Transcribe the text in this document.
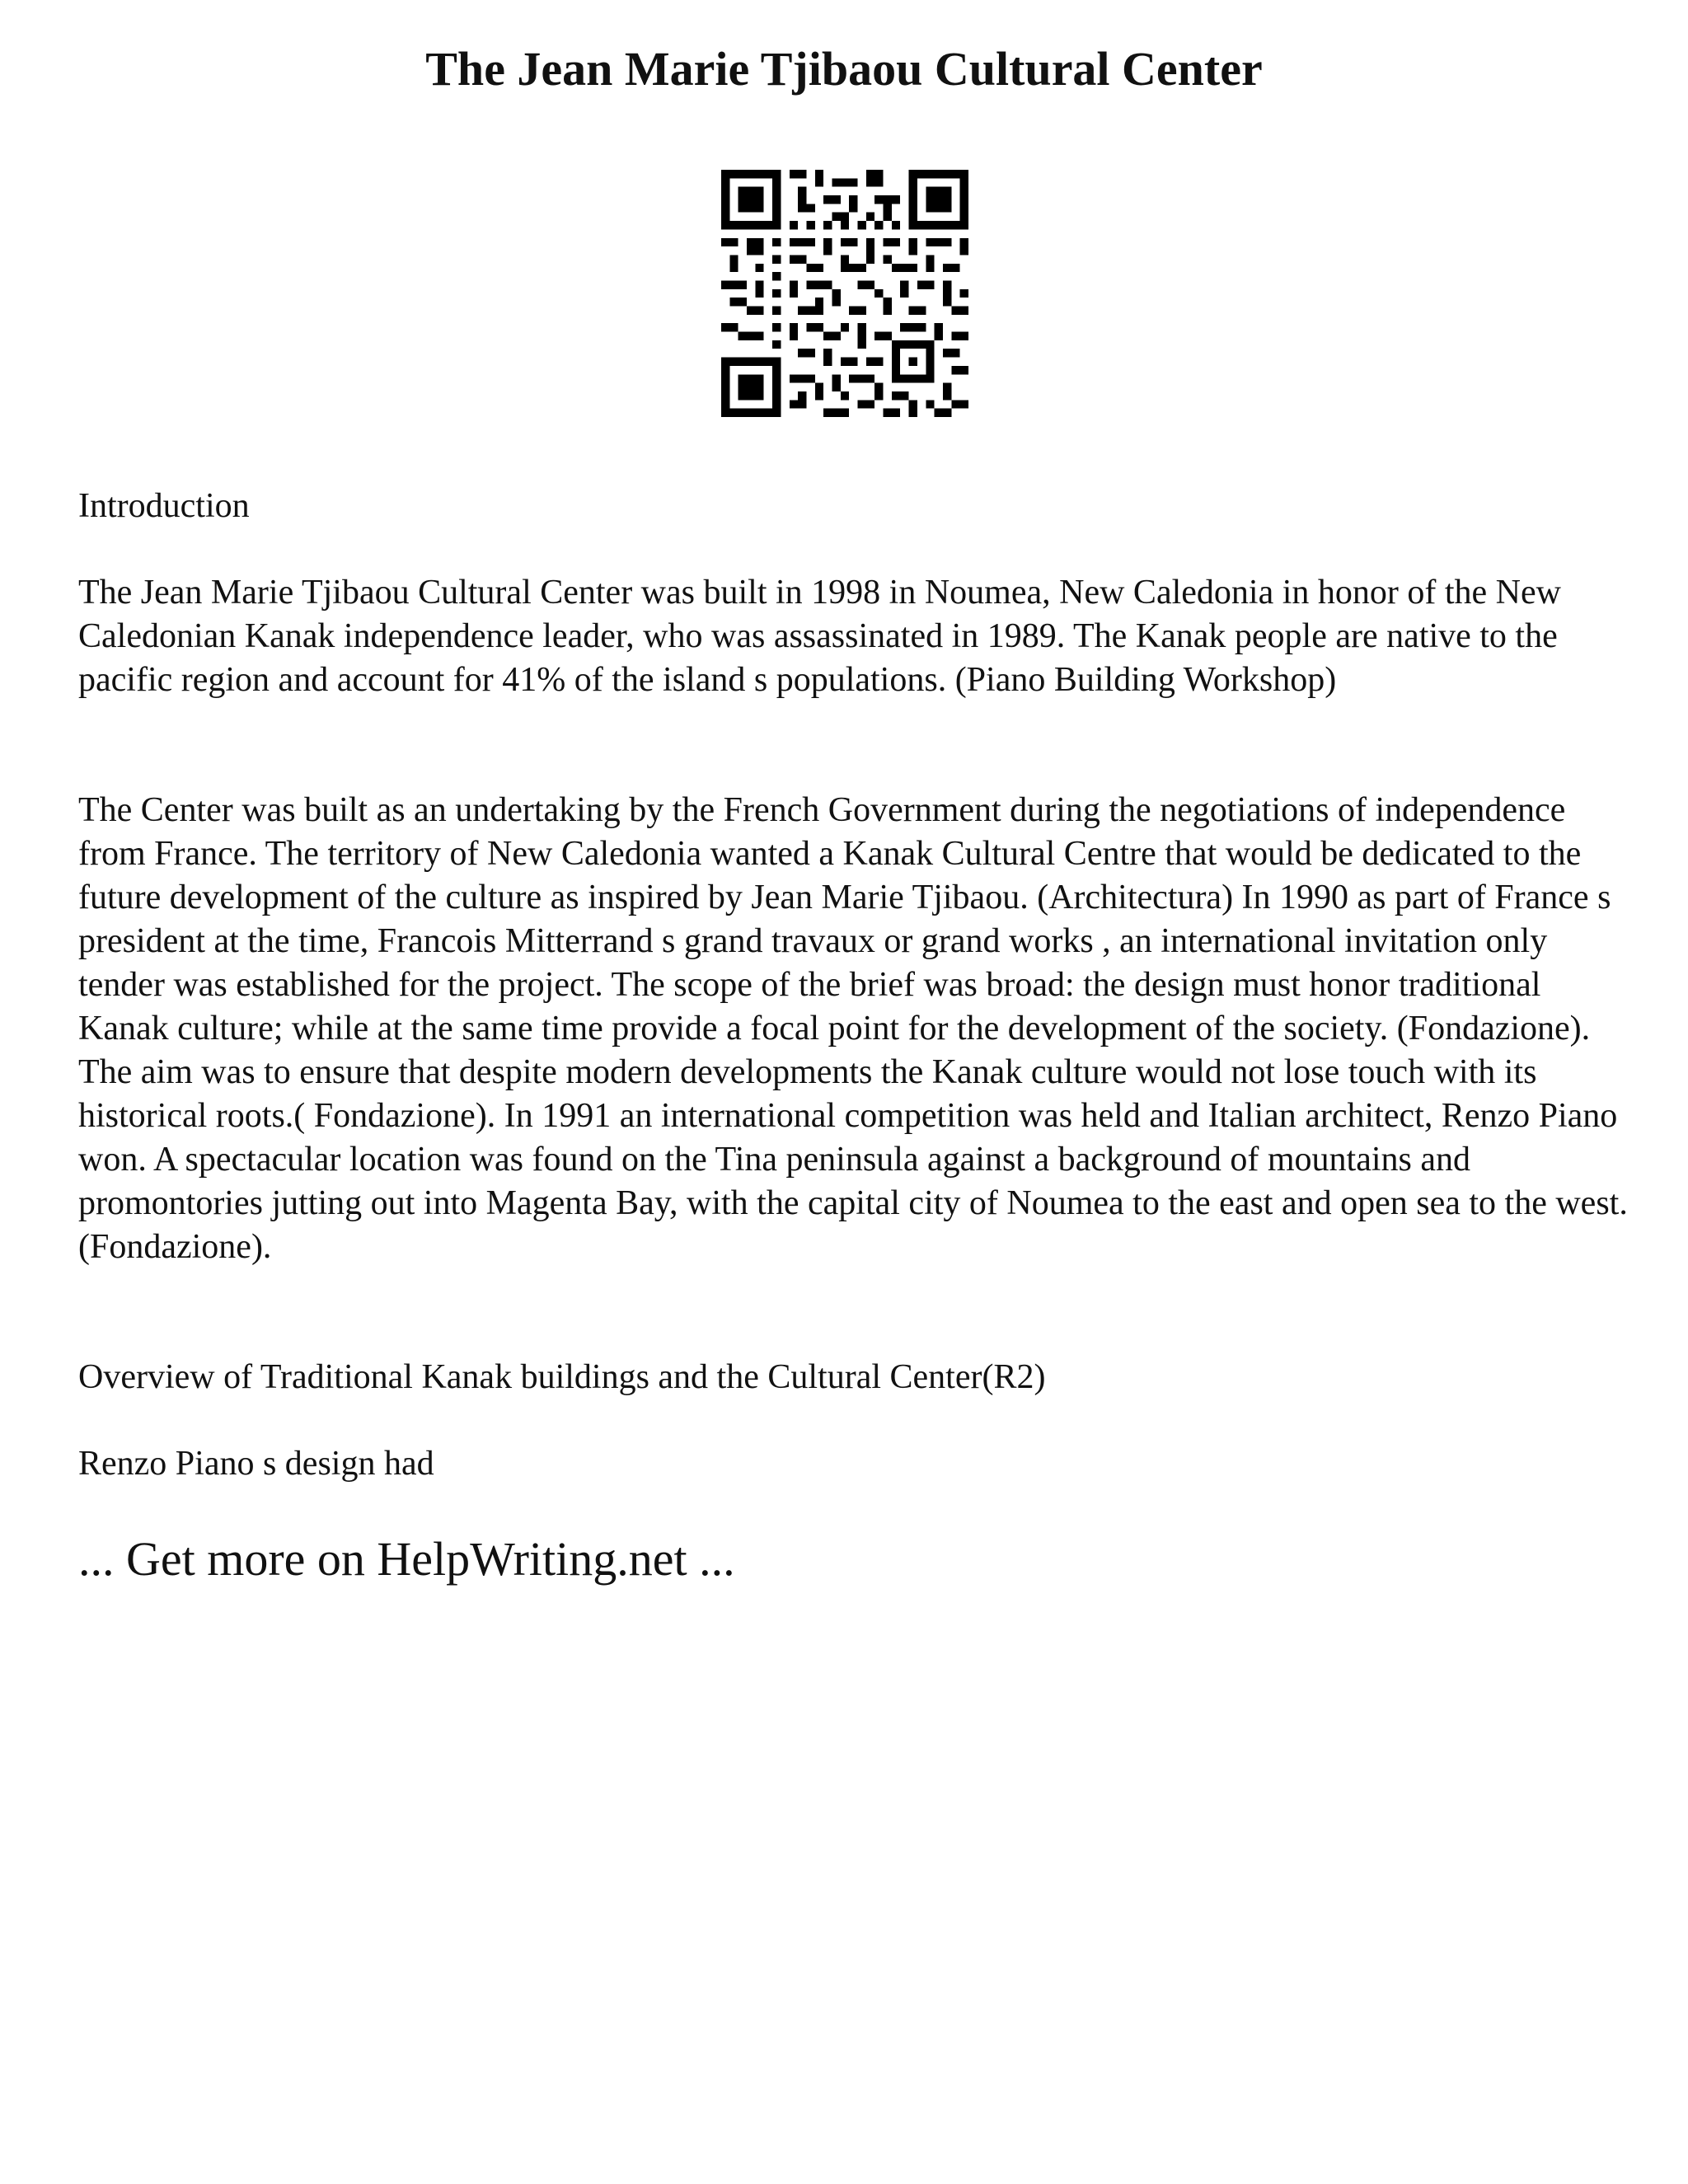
The Jean Marie Tjibaou Cultural Center

Introduction

The Jean Marie Tjibaou Cultural Center was built in 1998 in Noumea, New Caledonia in honor of the New Caledonian Kanak independence leader, who was assassinated in 1989. The Kanak people are native to the pacific region and account for 41% of the island s populations. (Piano Building Workshop)

The Center was built as an undertaking by the French Government during the negotiations of independence from France. The territory of New Caledonia wanted a Kanak Cultural Centre that would be dedicated to the future development of the culture as inspired by Jean Marie Tjibaou. (Architectura) In 1990 as part of France s president at the time, Francois Mitterrand s grand travaux or grand works , an international invitation only tender was established for the project. The scope of the brief was broad: the design must honor traditional Kanak culture; while at the same time provide a focal point for the development of the society. (Fondazione). The aim was to ensure that despite modern developments the Kanak culture would not lose touch with its historical roots.( Fondazione). In 1991 an international competition was held and Italian architect, Renzo Piano won. A spectacular location was found on the Tina peninsula against a background of mountains and promontories jutting out into Magenta Bay, with the capital city of Noumea to the east and open sea to the west. (Fondazione).

Overview of Traditional Kanak buildings and the Cultural Center(R2)

Renzo Piano s design had

... Get more on HelpWriting.net ...
